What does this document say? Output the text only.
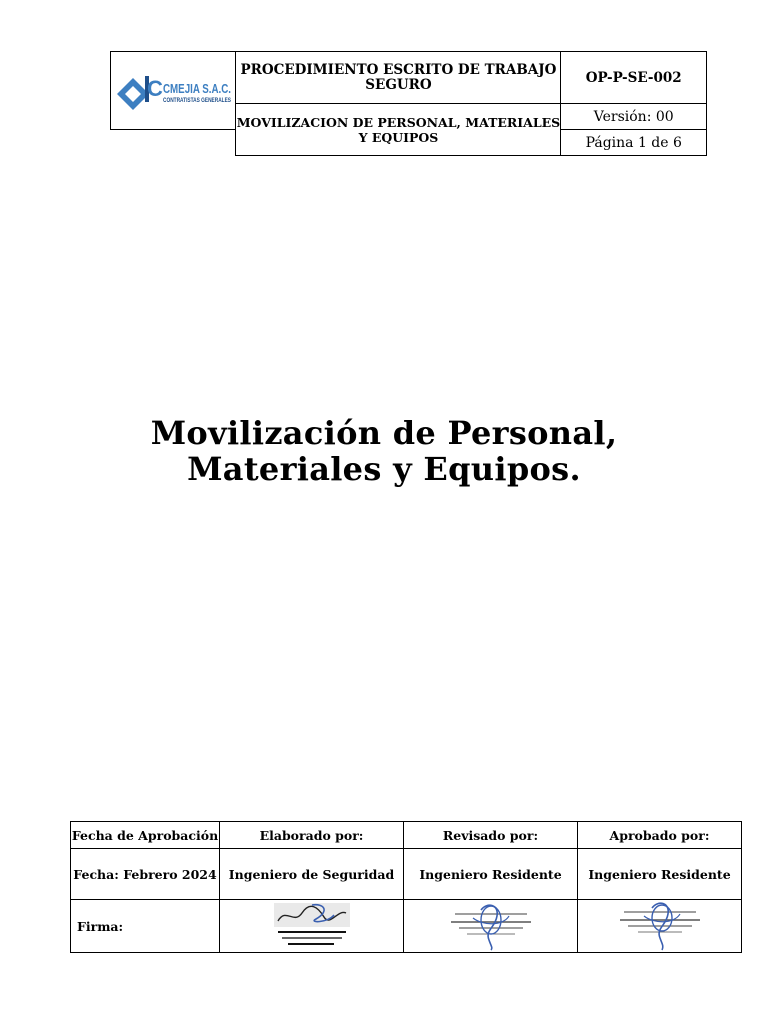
C CMEJIA S.A.C.
CONTRATISTAS GENERALES	PROCEDIMIENTO ESCRITO DE TRABAJO SEGURO	OP-P-SE-002
	MOVILIZACION DE PERSONAL, MATERIALES Y EQUIPOS	Versión: 00
		Página 1 de 6
Movilización de Personal,
Materiales y Equipos.
Fecha de Aprobación	Elaborado por:	Revisado por:	Aprobado por:
Fecha: Febrero 2024	Ingeniero de Seguridad	Ingeniero Residente	Ingeniero Residente
Firma:	
